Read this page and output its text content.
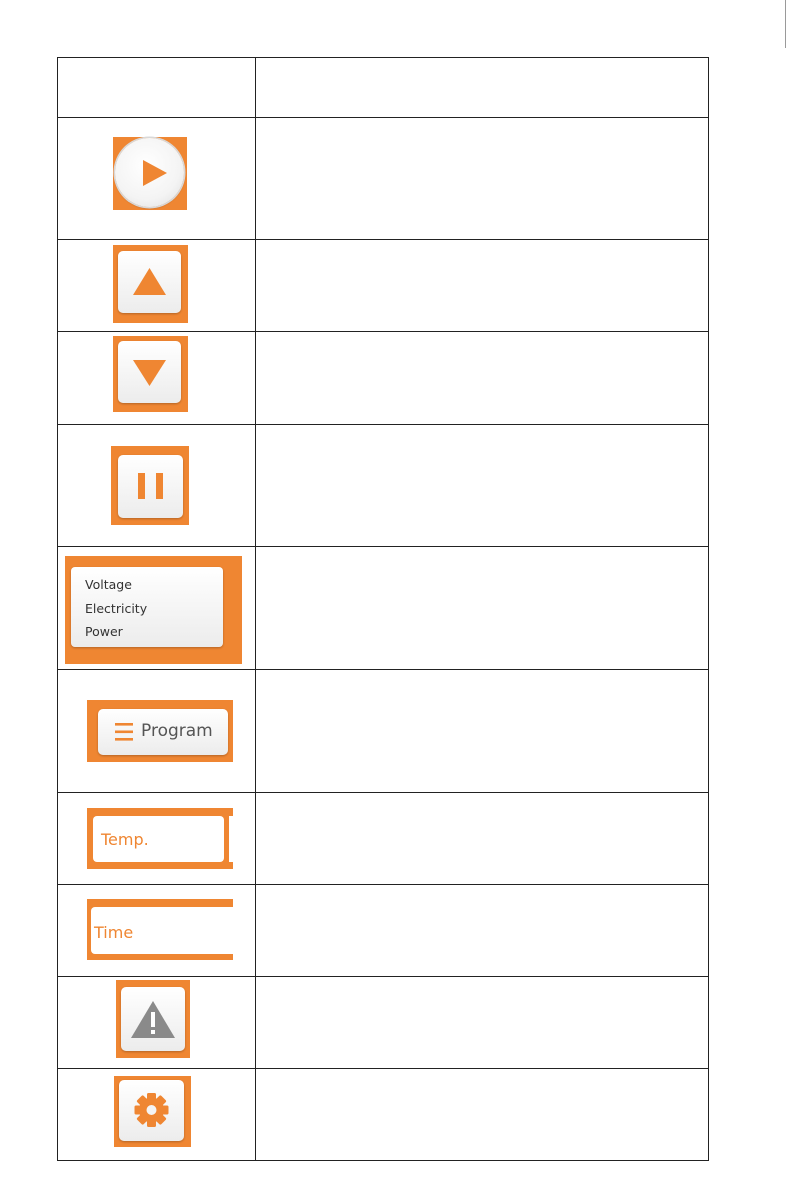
Voltage
Electricity
Power	

Program	

Temp.	

Time	
